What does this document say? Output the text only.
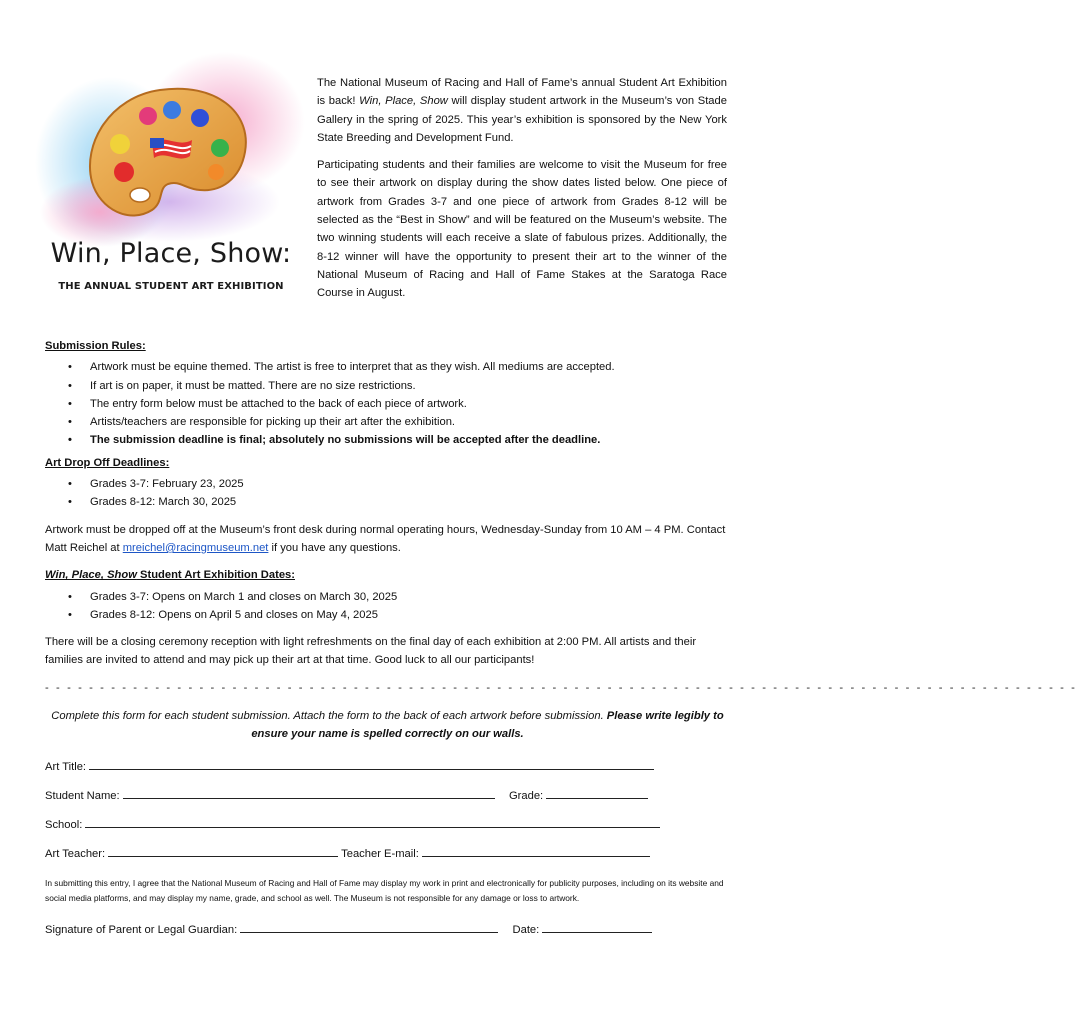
Win, Place, Show:
THE ANNUAL STUDENT ART EXHIBITION

The National Museum of Racing and Hall of Fame’s annual Student Art Exhibition is back! Win, Place, Show will display student artwork in the Museum’s von Stade Gallery in the spring of 2025. This year’s exhibition is sponsored by the New York State Breeding and Development Fund.

Participating students and their families are welcome to visit the Museum for free to see their artwork on display during the show dates listed below. One piece of artwork from Grades 3-7 and one piece of artwork from Grades 8-12 will be selected as the “Best in Show” and will be featured on the Museum’s website. The two winning students will each receive a slate of fabulous prizes. Additionally, the 8-12 winner will have the opportunity to present their art to the winner of the National Museum of Racing and Hall of Fame Stakes at the Saratoga Race Course in August.

Submission Rules:

• Artwork must be equine themed. The artist is free to interpret that as they wish. All mediums are accepted.
• If art is on paper, it must be matted. There are no size restrictions.
• The entry form below must be attached to the back of each piece of artwork.
• Artists/teachers are responsible for picking up their art after the exhibition.
• The submission deadline is final; absolutely no submissions will be accepted after the deadline.

Art Drop Off Deadlines:

• Grades 3-7: February 23, 2025
• Grades 8-12: March 30, 2025
Artwork must be dropped off at the Museum’s front desk during normal operating hours, Wednesday-Sunday from 10 AM – 4 PM. Contact Matt Reichel at mreichel@racingmuseum.net if you have any questions.

Win, Place, Show Student Art Exhibition Dates:

• Grades 3-7: Opens on March 1 and closes on March 30, 2025
• Grades 8-12: Opens on April 5 and closes on May 4, 2025
There will be a closing ceremony reception with light refreshments on the final day of each exhibition at 2:00 PM. All artists and their families are invited to attend and may pick up their art at that time. Good luck to all our participants!
- - - - - - - - - - - - - - - - - - - - - - - - - - - - - - - - - - - - - - - - - - - - - - - - - - - - - - - - - - - - - - - - - - - - - - - - - - - - - - - - - - - - - - - - - - - - - -
Complete this form for each student submission. Attach the form to the back of each artwork before submission. Please write legibly to ensure your name is spelled correctly on our walls.
Art Title:
Student Name:	Grade:
School:
Art Teacher:	Teacher E-mail:
In submitting this entry, I agree that the National Museum of Racing and Hall of Fame may display my work in print and electronically for publicity purposes, including on its website and social media platforms, and may display my name, grade, and school as well. The Museum is not responsible for any damage or loss to artwork.
Signature of Parent or Legal Guardian:	Date:
